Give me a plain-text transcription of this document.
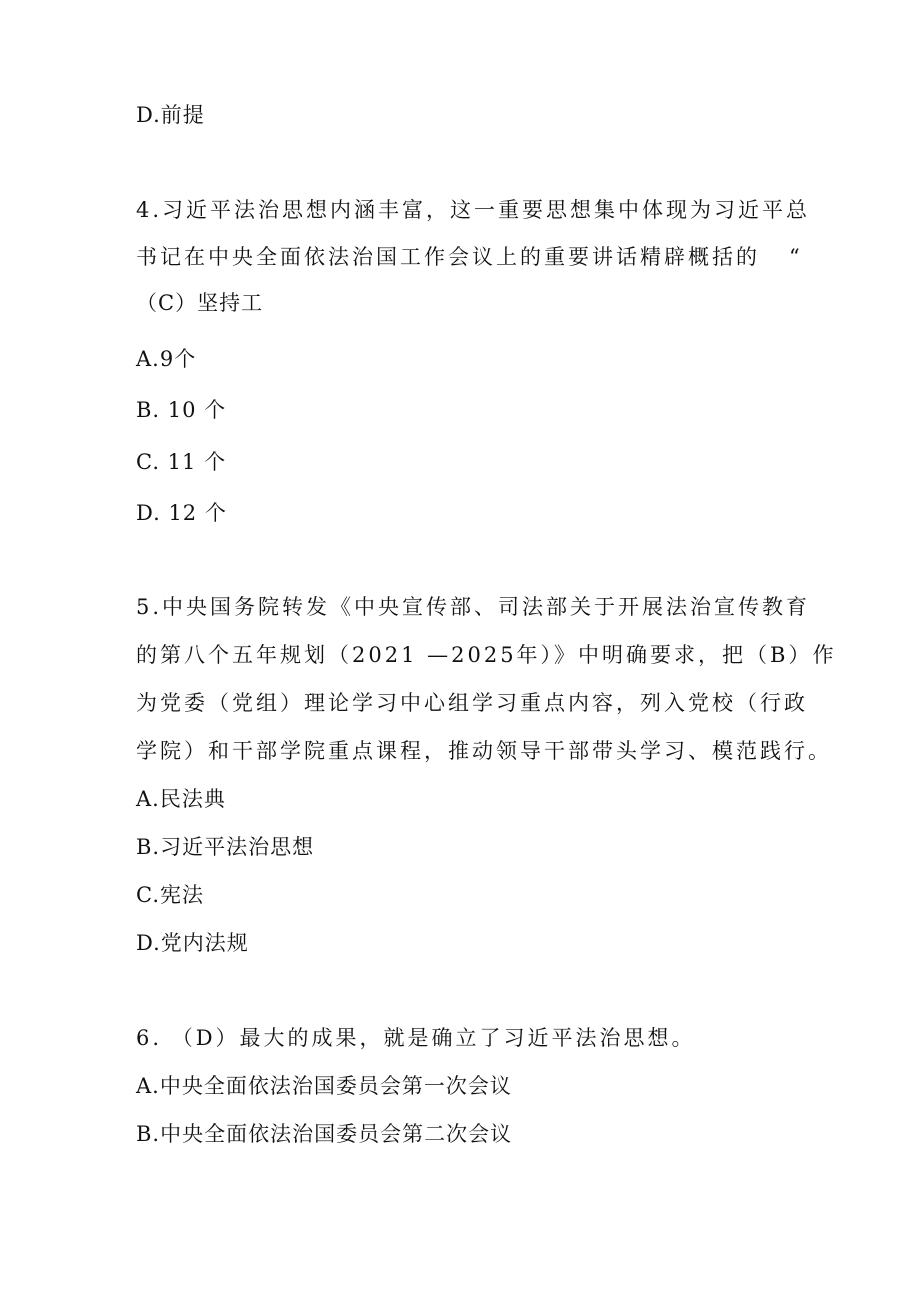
D.前提
4.习近平法治思想内涵丰富，这一重要思想集中体现为习近平总
书记在中央全面依法治国工作会议上的重要讲话精辟概括的   “
（C）坚持工
A.9个
B. 10 个
C. 11 个
D. 12 个
5.中央国务院转发《中央宣传部、司法部关于开展法治宣传教育
的第八个五年规划（2021 —2025年）》中明确要求，把（B）作
为党委（党组）理论学习中心组学习重点内容，列入党校（行政
学院）和干部学院重点课程，推动领导干部带头学习、模范践行。
A.民法典
B.习近平法治思想
C.宪法
D.党内法规
6. （D）最大的成果，就是确立了习近平法治思想。
A.中央全面依法治国委员会第一次会议
B.中央全面依法治国委员会第二次会议
